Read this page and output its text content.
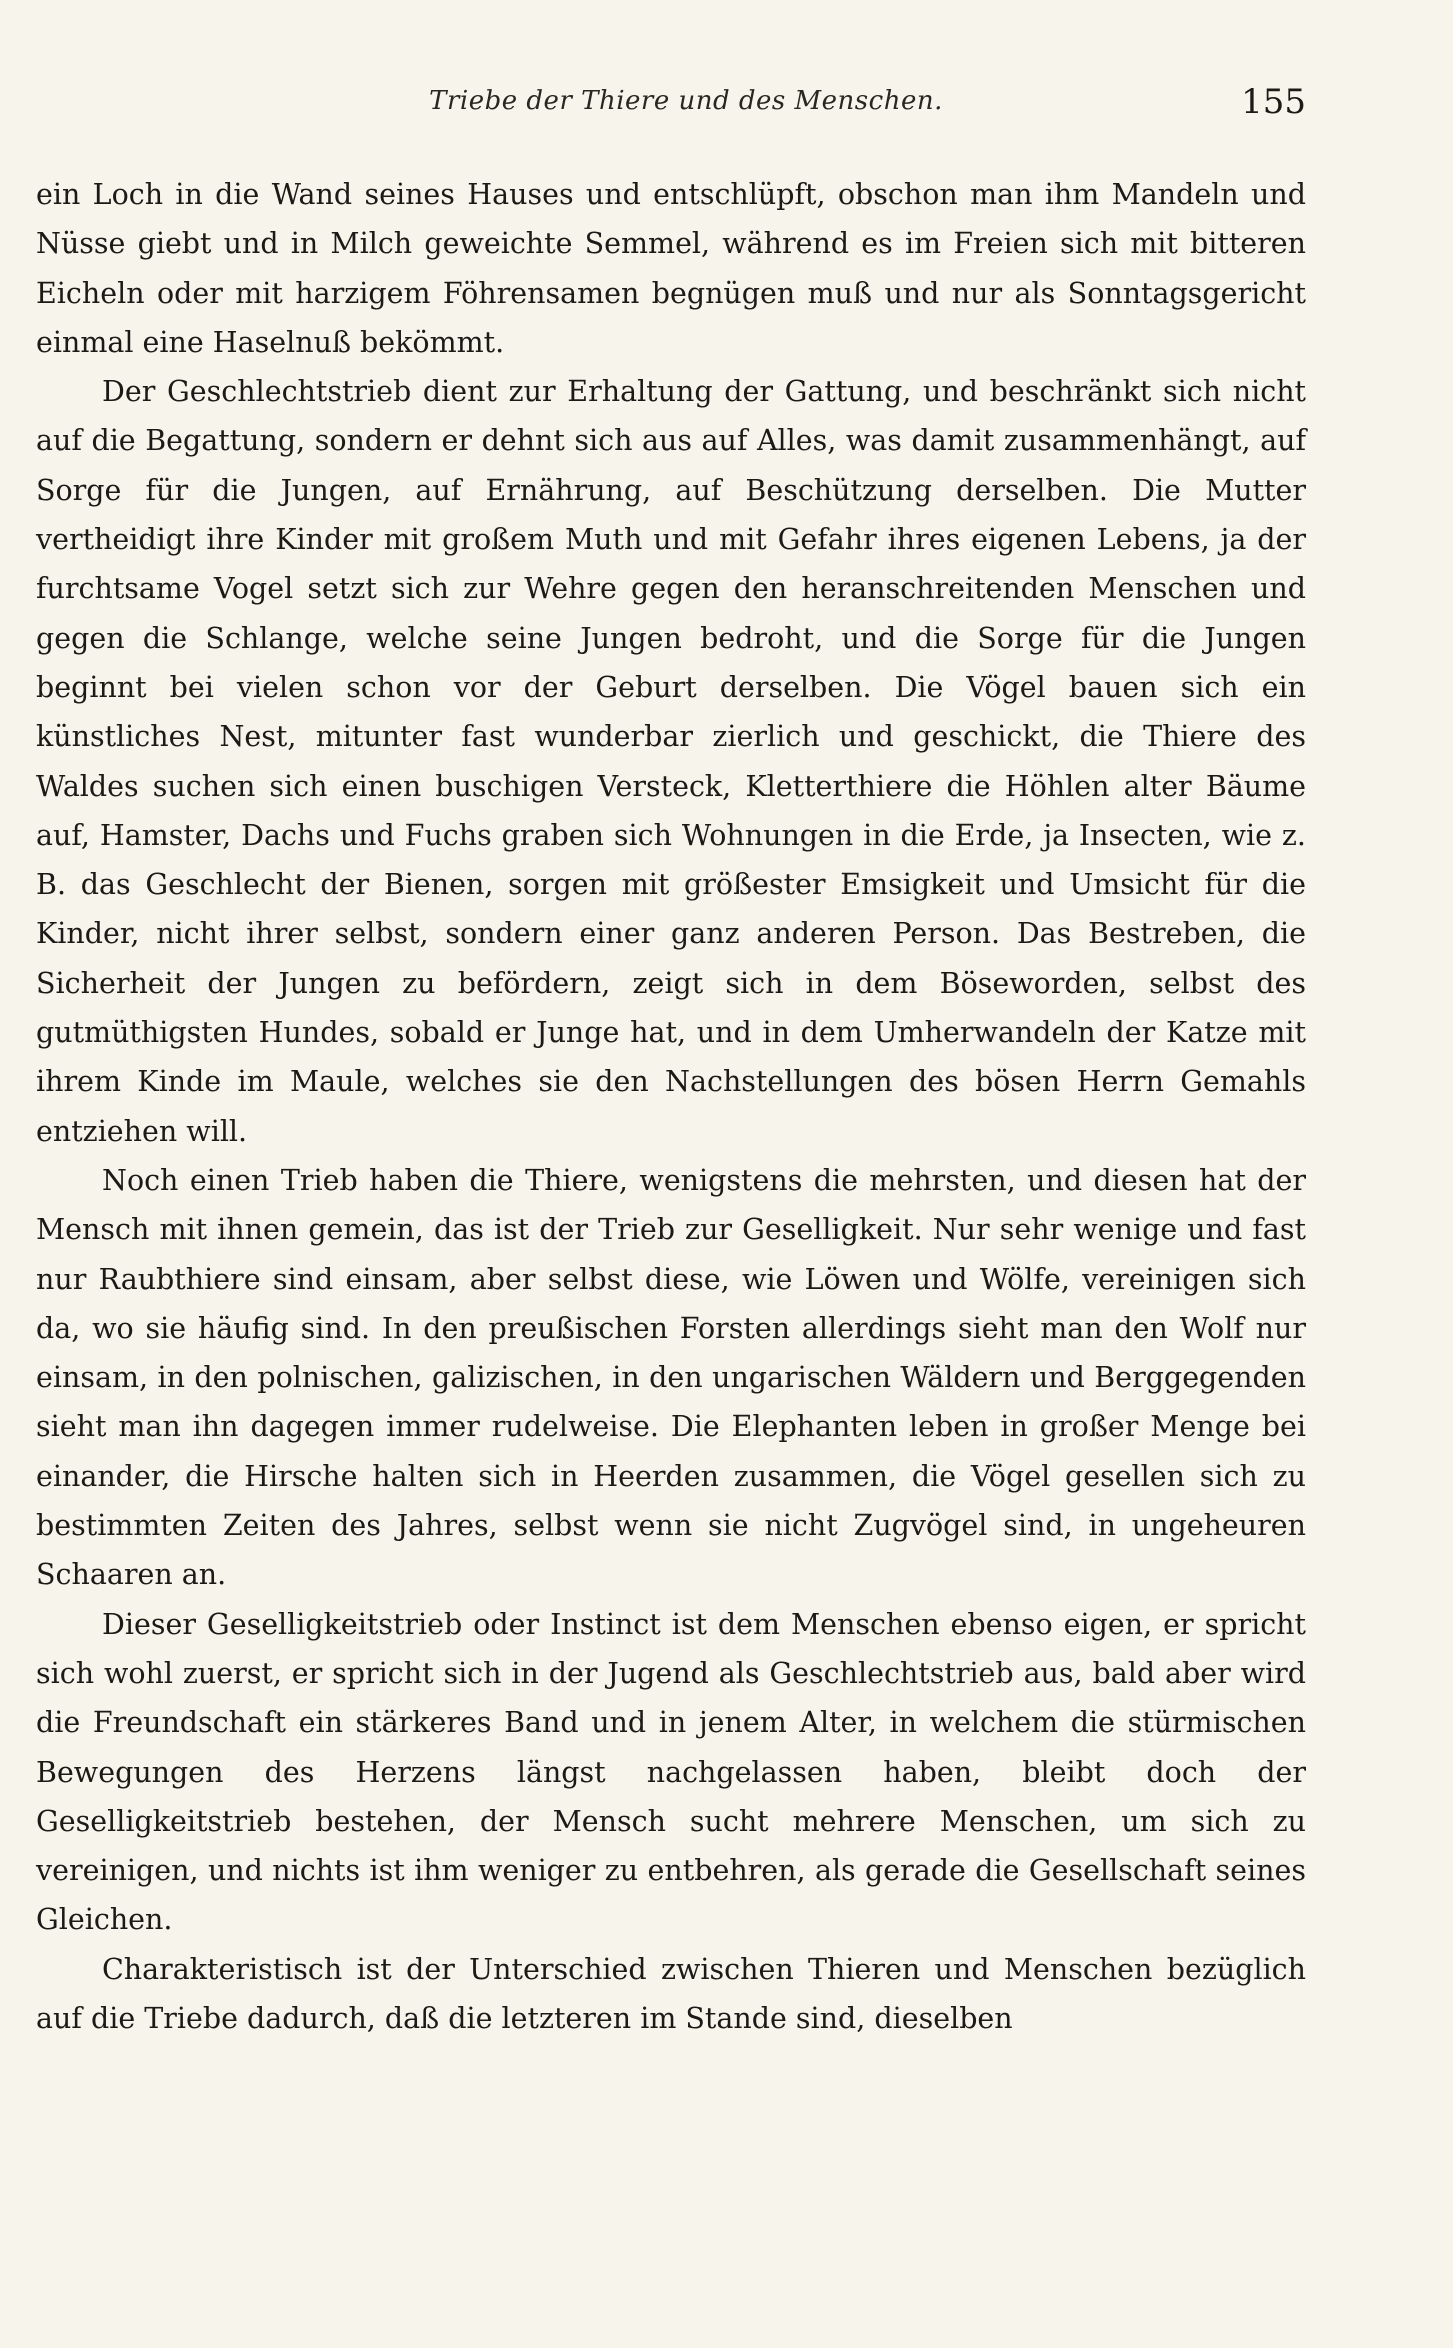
Triebe der Thiere und des Menschen.	155

ein Loch in die Wand seines Hauses und entschlüpft, obschon man ihm Mandeln und Nüsse giebt und in Milch geweichte Semmel, während es im Freien sich mit bitteren Eicheln oder mit harzigem Föhrensamen begnügen muß und nur als Sonntagsgericht einmal eine Haselnuß bekömmt.

Der Geschlechtstrieb dient zur Erhaltung der Gattung, und beschränkt sich nicht auf die Begattung, sondern er dehnt sich aus auf Alles, was damit zusammenhängt, auf Sorge für die Jungen, auf Ernährung, auf Beschützung derselben. Die Mutter vertheidigt ihre Kinder mit großem Muth und mit Gefahr ihres eigenen Lebens, ja der furchtsame Vogel setzt sich zur Wehre gegen den heranschreitenden Menschen und gegen die Schlange, welche seine Jungen bedroht, und die Sorge für die Jungen beginnt bei vielen schon vor der Geburt derselben. Die Vögel bauen sich ein künstliches Nest, mitunter fast wunderbar zierlich und geschickt, die Thiere des Waldes suchen sich einen buschigen Versteck, Kletterthiere die Höhlen alter Bäume auf, Hamster, Dachs und Fuchs graben sich Wohnungen in die Erde, ja Insecten, wie z. B. das Geschlecht der Bienen, sorgen mit größester Emsigkeit und Umsicht für die Kinder, nicht ihrer selbst, sondern einer ganz anderen Person. Das Bestreben, die Sicherheit der Jungen zu befördern, zeigt sich in dem Böseworden, selbst des gutmüthigsten Hundes, sobald er Junge hat, und in dem Umherwandeln der Katze mit ihrem Kinde im Maule, welches sie den Nachstellungen des bösen Herrn Gemahls entziehen will.

Noch einen Trieb haben die Thiere, wenigstens die mehrsten, und diesen hat der Mensch mit ihnen gemein, das ist der Trieb zur Geselligkeit. Nur sehr wenige und fast nur Raubthiere sind einsam, aber selbst diese, wie Löwen und Wölfe, vereinigen sich da, wo sie häufig sind. In den preußischen Forsten allerdings sieht man den Wolf nur einsam, in den polnischen, galizischen, in den ungarischen Wäldern und Berggegenden sieht man ihn dagegen immer rudelweise. Die Elephanten leben in großer Menge bei einander, die Hirsche halten sich in Heerden zusammen, die Vögel gesellen sich zu bestimmten Zeiten des Jahres, selbst wenn sie nicht Zugvögel sind, in ungeheuren Schaaren an.

Dieser Geselligkeitstrieb oder Instinct ist dem Menschen ebenso eigen, er spricht sich wohl zuerst, er spricht sich in der Jugend als Geschlechtstrieb aus, bald aber wird die Freundschaft ein stärkeres Band und in jenem Alter, in welchem die stürmischen Bewegungen des Herzens längst nachgelassen haben, bleibt doch der Geselligkeitstrieb bestehen, der Mensch sucht mehrere Menschen, um sich zu vereinigen, und nichts ist ihm weniger zu entbehren, als gerade die Gesellschaft seines Gleichen.

Charakteristisch ist der Unterschied zwischen Thieren und Menschen bezüglich auf die Triebe dadurch, daß die letzteren im Stande sind, dieselben
